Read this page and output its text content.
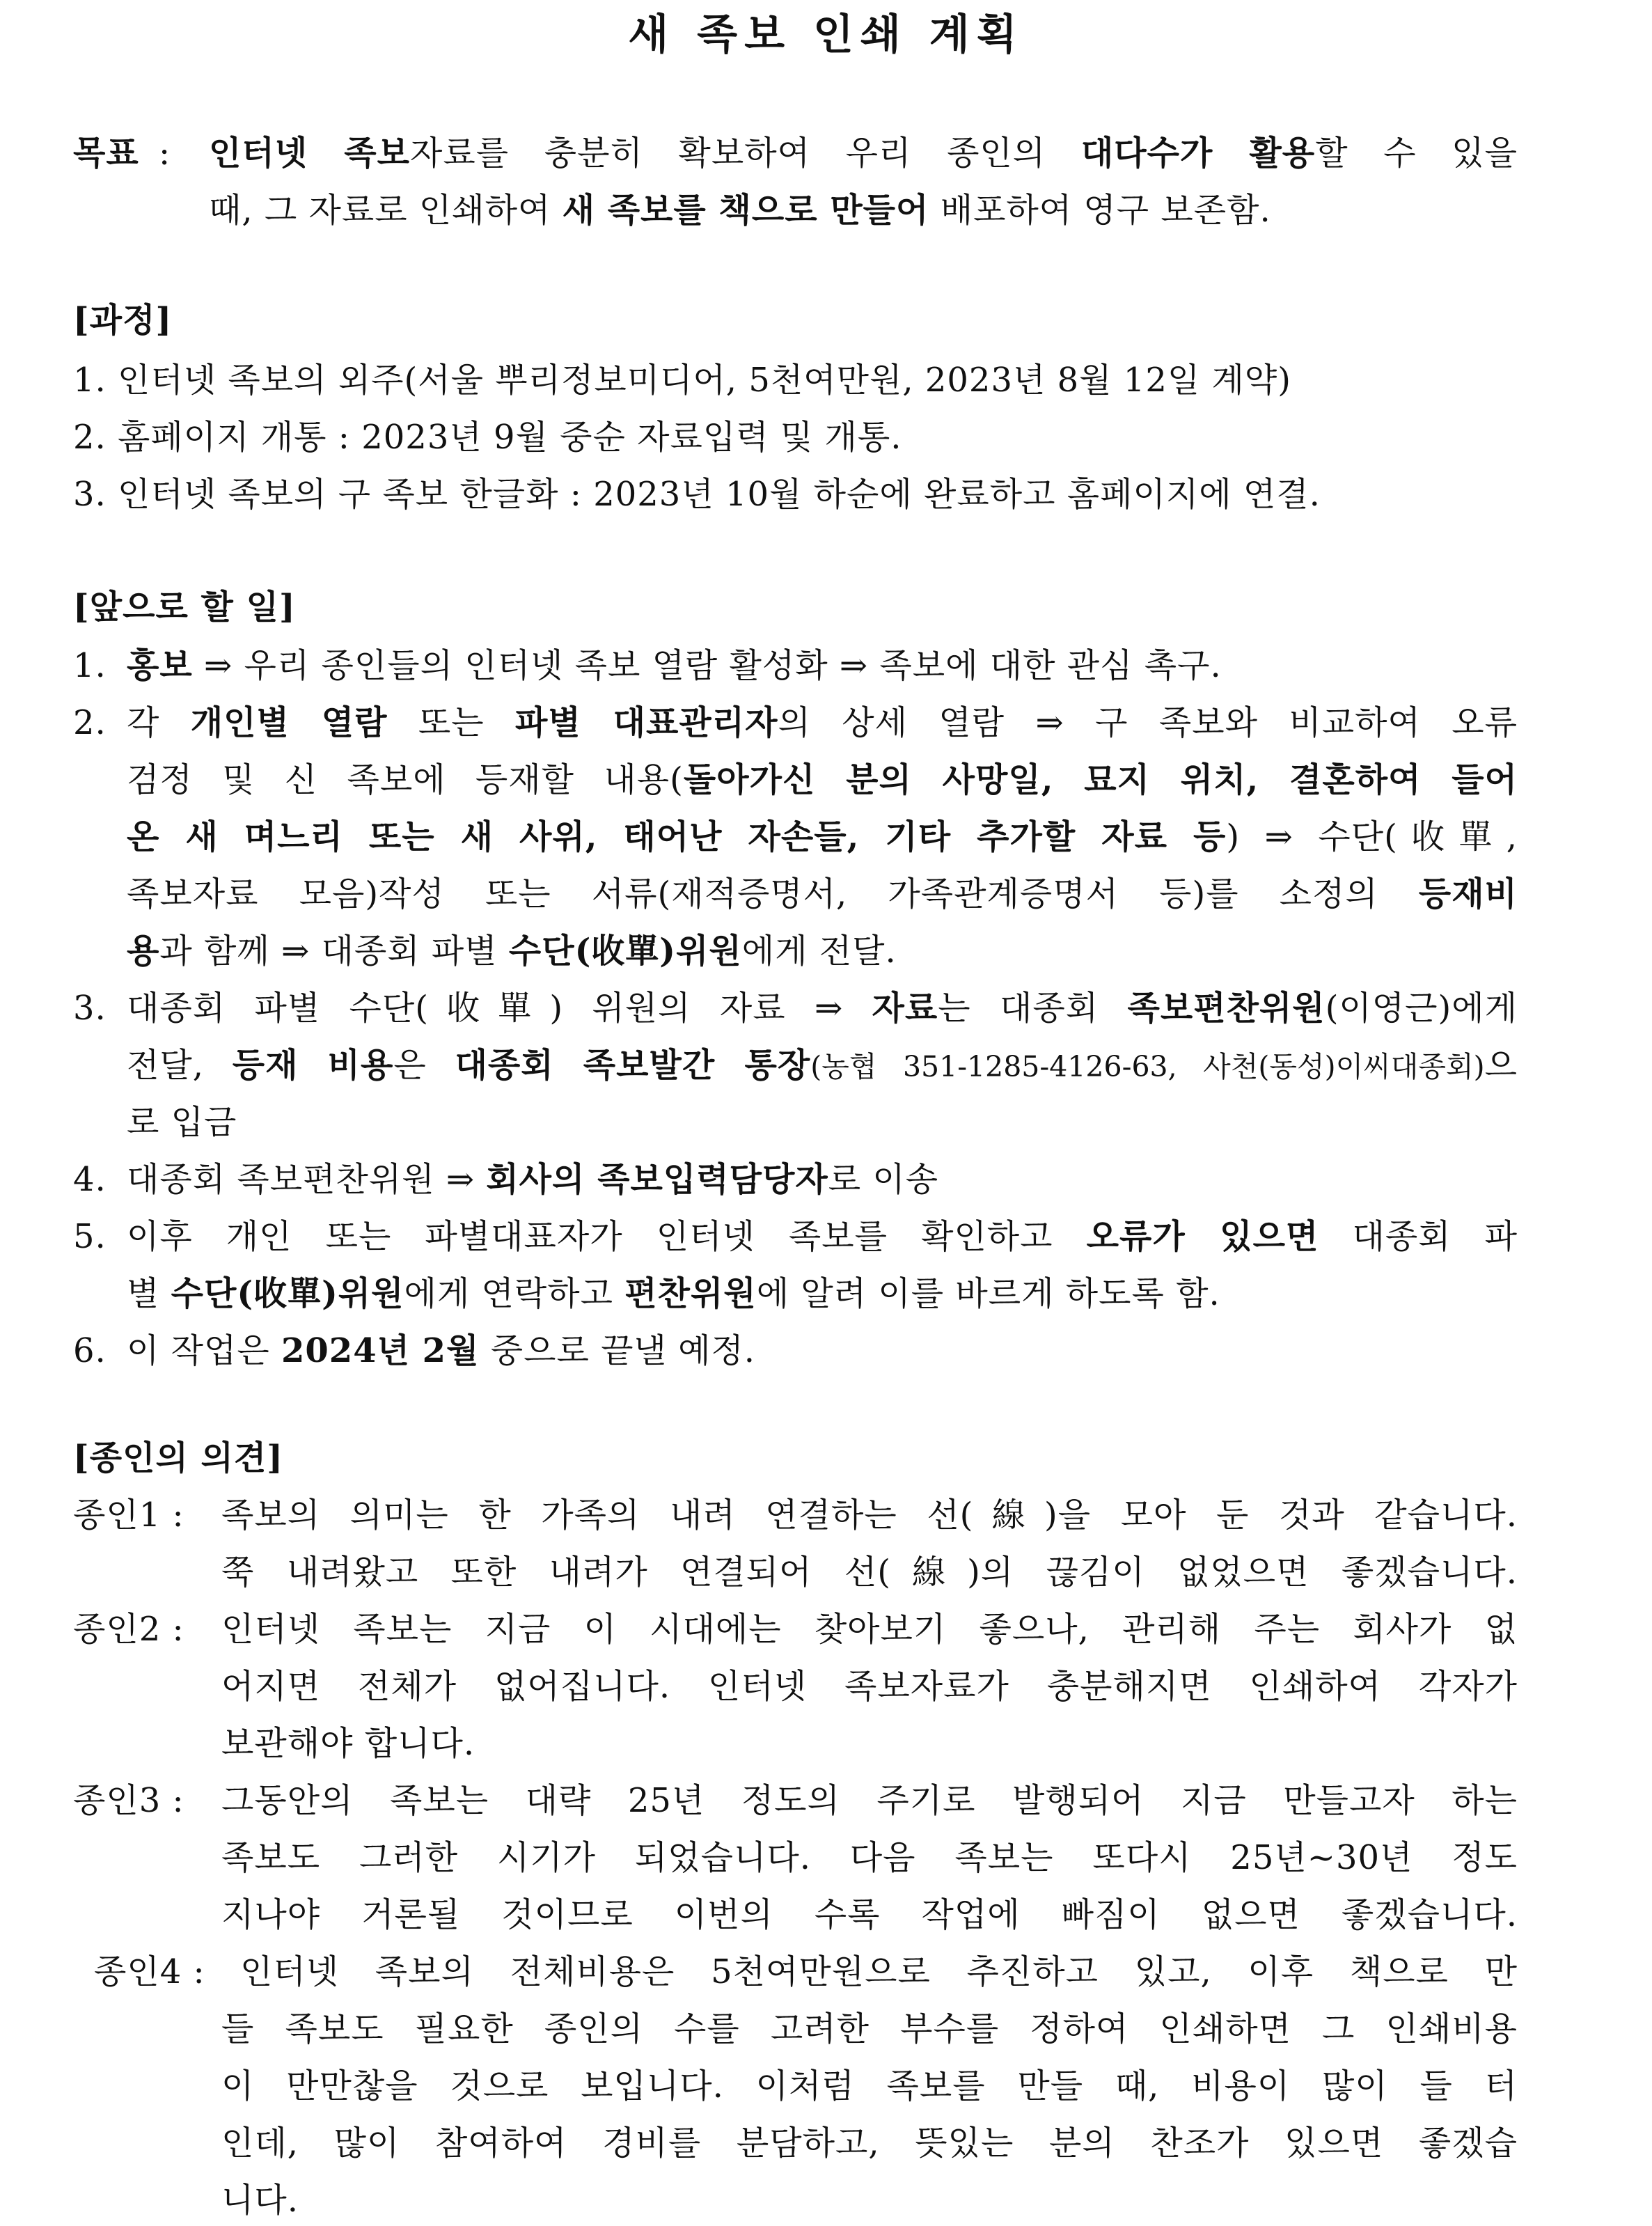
새 족보 인쇄 계획
목표 : 인터넷 족보자료를 충분히 확보하여 우리 종인의 대다수가 활용할 수 있을
때, 그 자료로 인쇄하여 새 족보를 책으로 만들어 배포하여 영구 보존함.
[과정]
1. 인터넷 족보의 외주(서울 뿌리정보미디어, 5천여만원, 2023년 8월 12일 계약)
2. 홈페이지 개통 : 2023년 9월 중순 자료입력 및 개통.
3. 인터넷 족보의 구 족보 한글화 : 2023년 10월 하순에 완료하고 홈페이지에 연결.
[앞으로 할 일]
1. 홍보 ⇒ 우리 종인들의 인터넷 족보 열람 활성화 ⇒ 족보에 대한 관심 촉구.
2. 각 개인별 열람 또는 파별 대표관리자의 상세 열람 ⇒ 구 족보와 비교하여 오류
검정 및 신 족보에 등재할 내용(돌아가신 분의 사망일, 묘지 위치, 결혼하여 들어
온 새 며느리 또는 새 사위, 태어난 자손들, 기타 추가할 자료 등) ⇒ 수단(收單,
족보자료 모음)작성 또는 서류(재적증명서, 가족관계증명서 등)를 소정의 등재비
용과 함께 ⇒ 대종회 파별 수단(收單)위원에게 전달.
3. 대종회 파별 수단(收單) 위원의 자료 ⇒ 자료는 대종회 족보편찬위원(이영근)에게
전달, 등재 비용은 대종회 족보발간 통장(농협 351-1285-4126-63, 사천(동성)이씨대종회)으
로 입금
4. 대종회 족보편찬위원 ⇒ 회사의 족보입력담당자로 이송
5. 이후 개인 또는 파별대표자가 인터넷 족보를 확인하고 오류가 있으면 대종회 파
별 수단(收單)위원에게 연락하고 편찬위원에 알려 이를 바르게 하도록 함.
6. 이 작업은 2024년 2월 중으로 끝낼 예정.
[종인의 의견]
종인1 : 족보의 의미는 한 가족의 내려 연결하는 선(線)을 모아 둔 것과 같습니다.
쭉 내려왔고 또한 내려가 연결되어 선(線)의 끊김이 없었으면 좋겠습니다.
종인2 : 인터넷 족보는 지금 이 시대에는 찾아보기 좋으나, 관리해 주는 회사가 없
어지면 전체가 없어집니다. 인터넷 족보자료가 충분해지면 인쇄하여 각자가
보관해야 합니다.
종인3 : 그동안의 족보는 대략 25년 정도의 주기로 발행되어 지금 만들고자 하는
족보도 그러한 시기가 되었습니다. 다음 족보는 또다시 25년~30년 정도
지나야 거론될 것이므로 이번의 수록 작업에 빠짐이 없으면 좋겠습니다.
종인4 : 인터넷 족보의 전체비용은 5천여만원으로 추진하고 있고, 이후 책으로 만
들 족보도 필요한 종인의 수를 고려한 부수를 정하여 인쇄하면 그 인쇄비용
이 만만찮을 것으로 보입니다. 이처럼 족보를 만들 때, 비용이 많이 들 터
인데, 많이 참여하여 경비를 분담하고, 뜻있는 분의 찬조가 있으면 좋겠습
니다.
